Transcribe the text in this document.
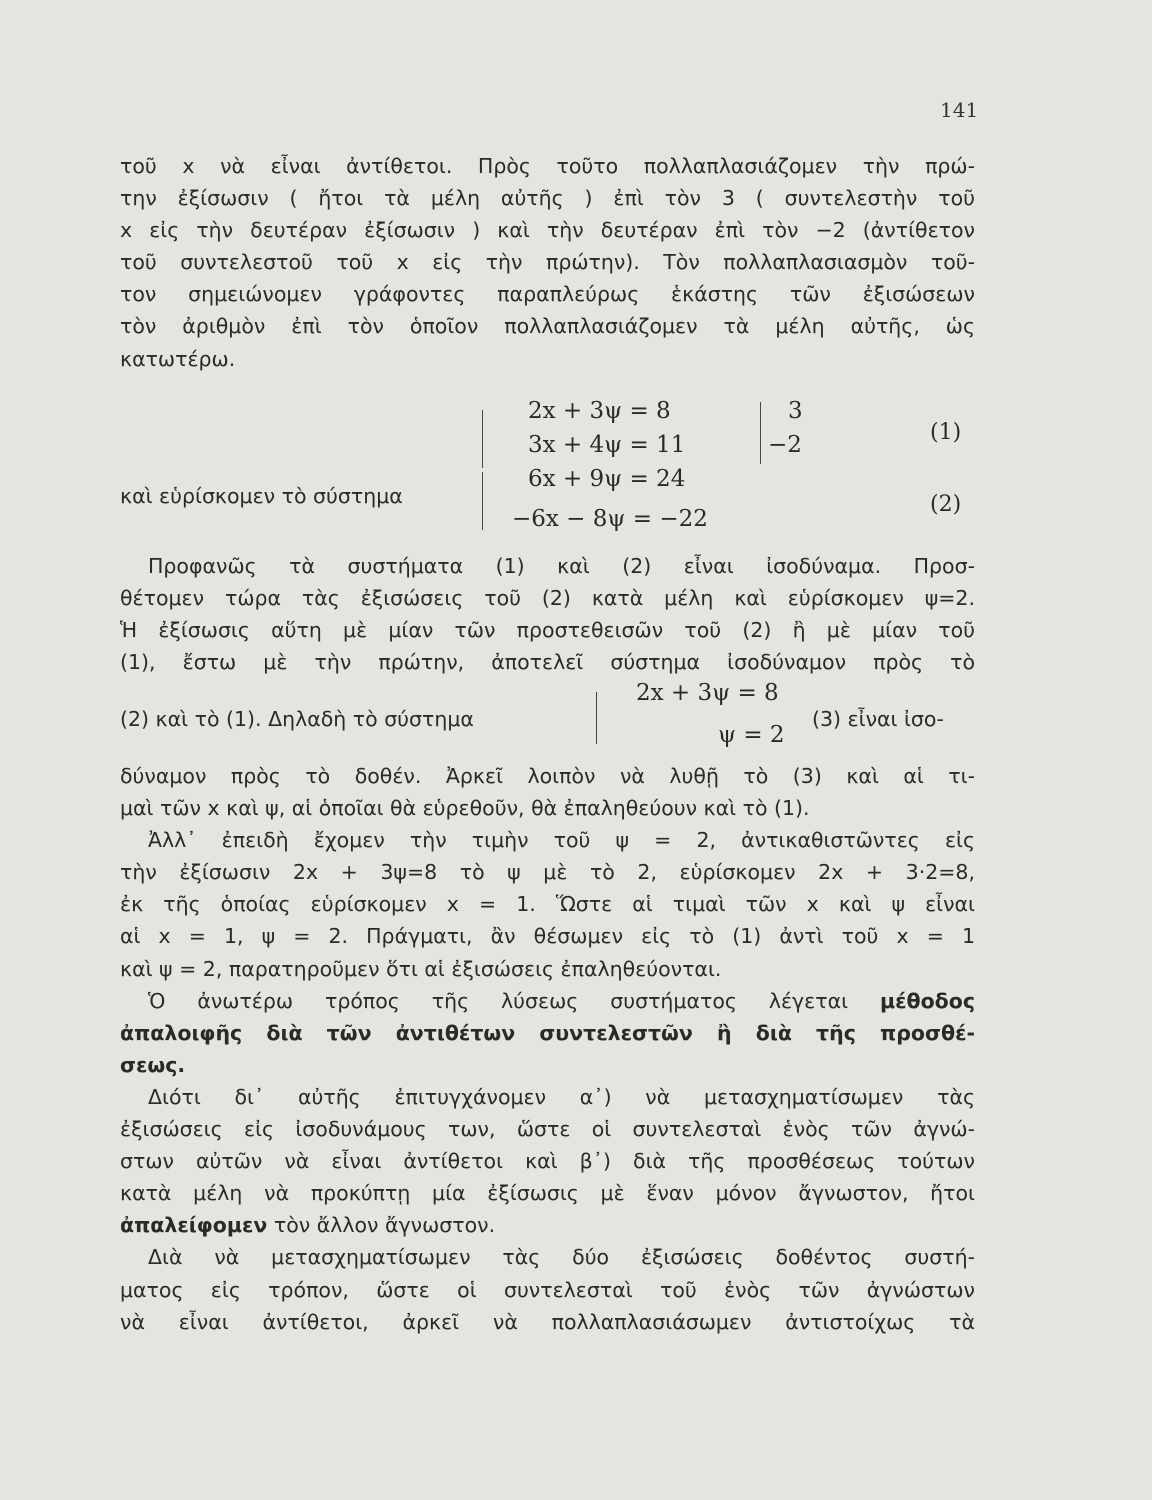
141
τοῦ x νὰ εἶναι ἀντίθετοι. Πρὸς τοῦτο πολλαπλασιάζομεν τὴν πρώ-
την ἐξίσωσιν ( ἤτοι τὰ μέλη αὐτῆς ) ἐπὶ τὸν 3 ( συντελεστὴν τοῦ
x εἰς τὴν δευτέραν ἐξίσωσιν ) καὶ τὴν δευτέραν ἐπὶ τὸν −2 (ἀντίθετον
τοῦ συντελεστοῦ τοῦ x εἰς τὴν πρώτην). Τὸν πολλαπλασιασμὸν τοῦ-
τον σημειώνομεν γράφοντες παραπλεύρως ἑκάστης τῶν ἐξισώσεων
τὸν ἀριθμὸν ἐπὶ τὸν ὁποῖον πολλαπλασιάζομεν τὰ μέλη αὐτῆς, ὡς
κατωτέρω.
2x + 3ψ = 8
3x + 4ψ = 11
3
−2	(1)
καὶ εὑρίσκομεν τὸ σύστημα
6x + 9ψ = 24
−6x − 8ψ = −22
(2)
Προφανῶς τὰ συστήματα (1) καὶ (2) εἶναι ἰσοδύναμα. Προσ-
θέτομεν τώρα τὰς ἐξισώσεις τοῦ (2) κατὰ μέλη καὶ εὑρίσκομεν ψ=2.
Ἡ ἐξίσωσις αὕτη μὲ μίαν τῶν προστεθεισῶν τοῦ (2) ἢ μὲ μίαν τοῦ
(1), ἔστω μὲ τὴν πρώτην, ἀποτελεῖ σύστημα ἰσοδύναμον πρὸς τὸ
(2) καὶ τὸ (1). Δηλαδὴ τὸ σύστημα
2x + 3ψ = 8
ψ = 2
(3) εἶναι ἰσο-
δύναμον πρὸς τὸ δοθέν. Ἀρκεῖ λοιπὸν νὰ λυθῇ τὸ (3) καὶ αἱ τι-
μαὶ τῶν x καὶ ψ, αἱ ὁποῖαι θὰ εὑρεθοῦν, θὰ ἐπαληθεύουν καὶ τὸ (1).
Ἀλλ᾽ ἐπειδὴ ἔχομεν τὴν τιμὴν τοῦ ψ = 2, ἀντικαθιστῶντες εἰς
τὴν ἐξίσωσιν 2x + 3ψ=8 τὸ ψ μὲ τὸ 2, εὑρίσκομεν 2x + 3·2=8,
ἐκ τῆς ὁποίας εὑρίσκομεν x = 1. Ὥστε αἱ τιμαὶ τῶν x καὶ ψ εἶναι
αἱ x = 1, ψ = 2. Πράγματι, ἂν θέσωμεν εἰς τὸ (1) ἀντὶ τοῦ x = 1
καὶ ψ = 2, παρατηροῦμεν ὅτι αἱ ἐξισώσεις ἐπαληθεύονται.
Ὁ ἀνωτέρω τρόπος τῆς λύσεως συστήματος λέγεται μέθοδος
ἀπαλοιφῆς διὰ τῶν ἀντιθέτων συντελεστῶν ἢ διὰ τῆς προσθέ-
σεως.
Διότι δι᾽ αὐτῆς ἐπιτυγχάνομεν α᾽) νὰ μετασχηματίσωμεν τὰς
ἐξισώσεις εἰς ἰσοδυνάμους των, ὥστε οἱ συντελεσταὶ ἑνὸς τῶν ἀγνώ-
στων αὐτῶν νὰ εἶναι ἀντίθετοι καὶ β᾽) διὰ τῆς προσθέσεως τούτων
κατὰ μέλη νὰ προκύπτῃ μία ἐξίσωσις μὲ ἕναν μόνον ἄγνωστον, ἤτοι
ἀπαλείφομεν τὸν ἄλλον ἄγνωστον.
Διὰ νὰ μετασχηματίσωμεν τὰς δύο ἐξισώσεις δοθέντος συστή-
ματος εἰς τρόπον, ὥστε οἱ συντελεσταὶ τοῦ ἑνὸς τῶν ἀγνώστων
νὰ εἶναι ἀντίθετοι, ἀρκεῖ νὰ πολλαπλασιάσωμεν ἀντιστοίχως τὰ
